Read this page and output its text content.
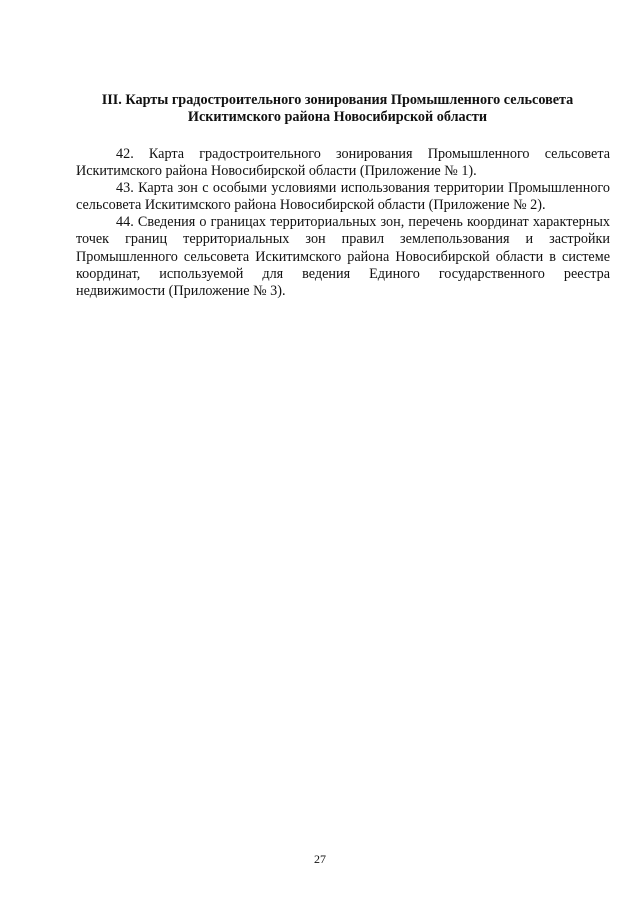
III. Карты градостроительного зонирования Промышленного сельсовета
Искитимского района Новосибирской области

42. Карта градостроительного зонирования Промышленного сельсовета Искитимского района Новосибирской области (Приложение № 1).

43. Карта зон с особыми условиями использования территории Промышленного сельсовета Искитимского района Новосибирской области (Приложение № 2).

44. Сведения о границах территориальных зон, перечень координат характерных точек границ территориальных зон правил землепользования и застройки Промышленного сельсовета Искитимского района Новосибирской области в системе координат, используемой для ведения Единого государственного реестра недвижимости (Приложение № 3).

27
